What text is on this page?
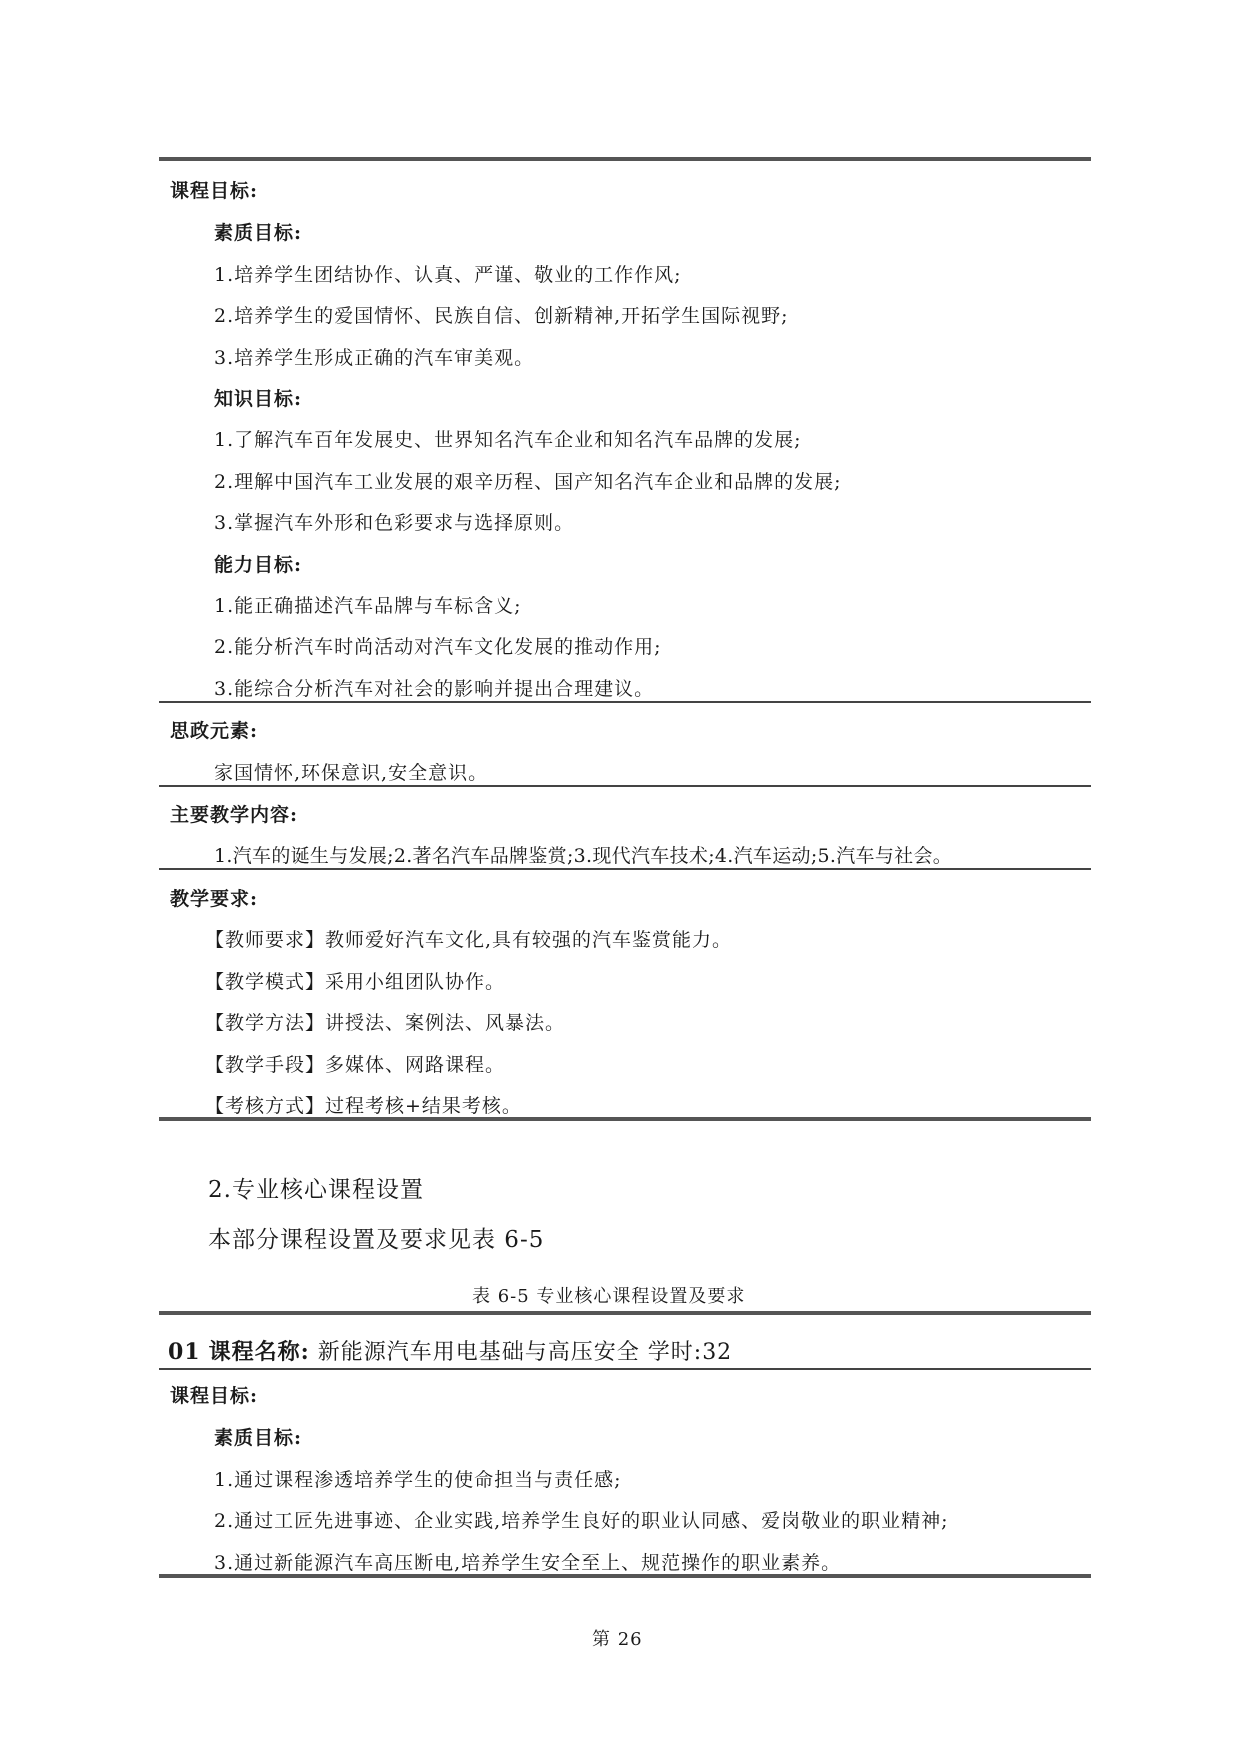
课程目标:
素质目标:
1.培养学生团结协作、认真、严谨、敬业的工作作风;
2.培养学生的爱国情怀、民族自信、创新精神,开拓学生国际视野;
3.培养学生形成正确的汽车审美观。
知识目标:
1.了解汽车百年发展史、世界知名汽车企业和知名汽车品牌的发展;
2.理解中国汽车工业发展的艰辛历程、国产知名汽车企业和品牌的发展;
3.掌握汽车外形和色彩要求与选择原则。
能力目标:
1.能正确描述汽车品牌与车标含义;
2.能分析汽车时尚活动对汽车文化发展的推动作用;
3.能综合分析汽车对社会的影响并提出合理建议。
思政元素:
家国情怀,环保意识,安全意识。
主要教学内容:
1.汽车的诞生与发展;2.著名汽车品牌鉴赏;3.现代汽车技术;4.汽车运动;5.汽车与社会。
教学要求:
【教师要求】教师爱好汽车文化,具有较强的汽车鉴赏能力。
【教学模式】采用小组团队协作。
【教学方法】讲授法、案例法、风暴法。
【教学手段】多媒体、网路课程。
【考核方式】过程考核+结果考核。
2.专业核心课程设置
本部分课程设置及要求见表 6-5
表 6-5 专业核心课程设置及要求
01 课程名称: 新能源汽车用电基础与高压安全 学时:32
课程目标:
素质目标:
1.通过课程渗透培养学生的使命担当与责任感;
2.通过工匠先进事迹、企业实践,培养学生良好的职业认同感、爱岗敬业的职业精神;
3.通过新能源汽车高压断电,培养学生安全至上、规范操作的职业素养。
第 26
